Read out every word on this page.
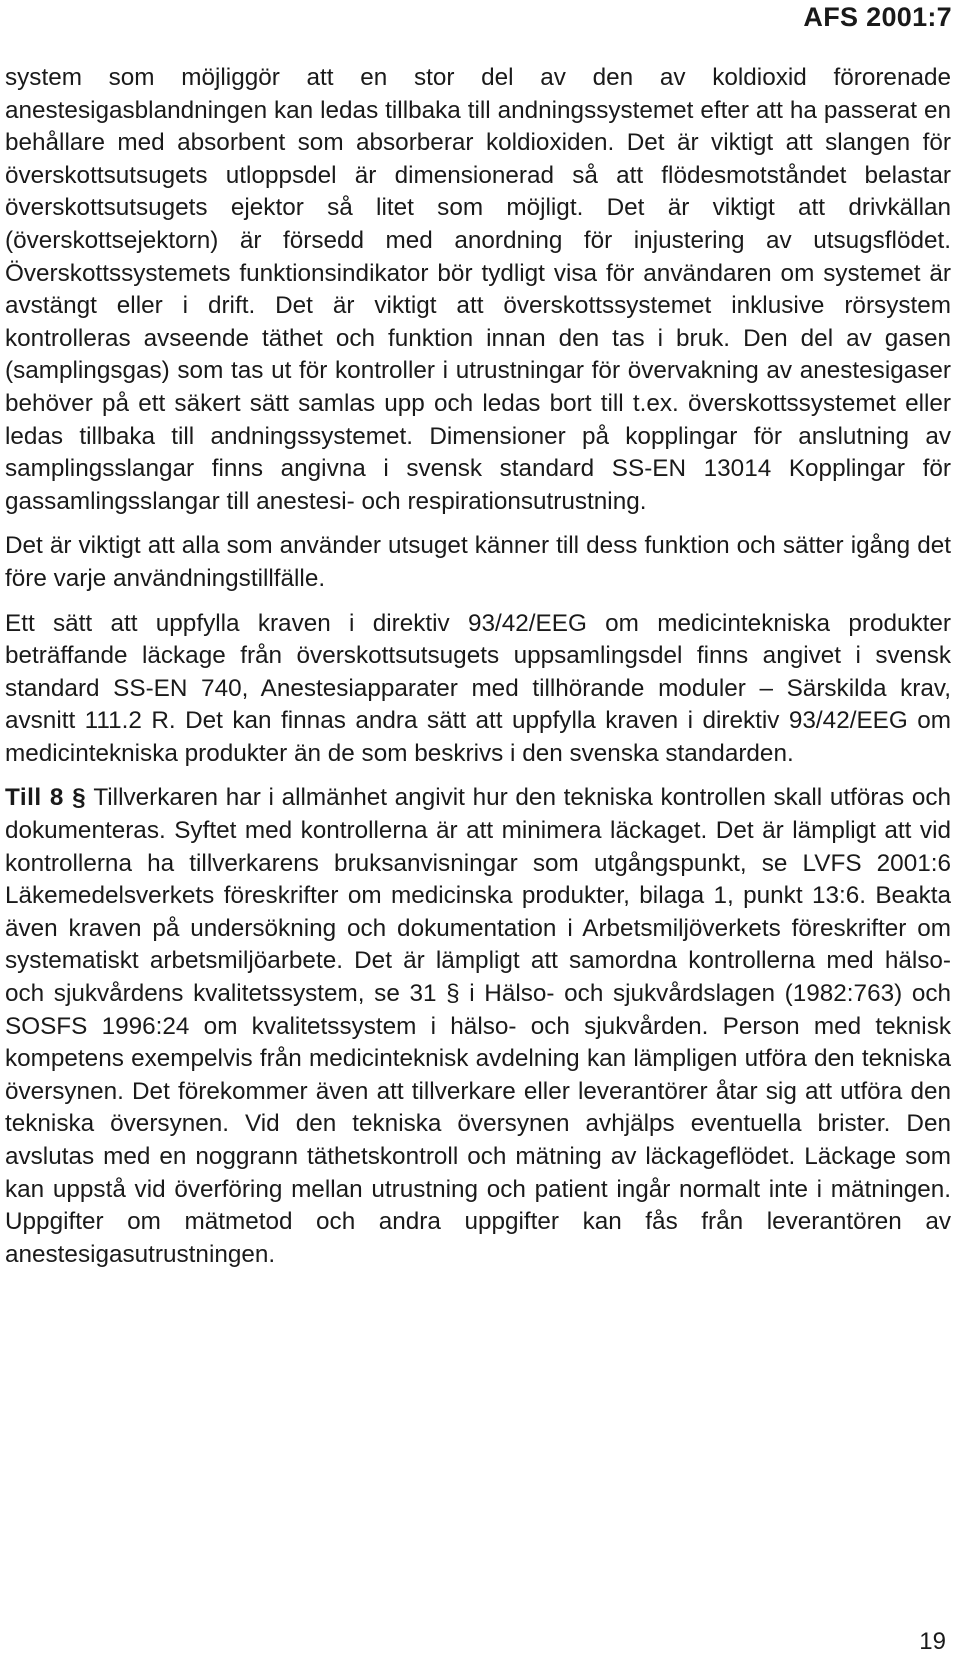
AFS 2001:7

system som möjliggör att en stor del av den av koldioxid förorenade anestesigasblandningen kan ledas tillbaka till andningssystemet efter att ha passerat en behållare med absorbent som absorberar koldioxiden. Det är viktigt att slangen för överskottsutsugets utloppsdel är dimensionerad så att flödesmotståndet belastar överskottsutsugets ejektor så litet som möjligt. Det är viktigt att drivkällan (överskottsejektorn) är försedd med anordning för injustering av utsugsflödet. Överskottssystemets funktionsindikator bör tydligt visa för användaren om systemet är avstängt eller i drift. Det är viktigt att överskottssystemet inklusive rörsystem kontrolleras avseende täthet och funktion innan den tas i bruk. Den del av gasen (samplingsgas) som tas ut för kontroller i utrustningar för övervakning av anestesigaser behöver på ett säkert sätt samlas upp och ledas bort till t.ex. överskottssystemet eller ledas tillbaka till andningssystemet. Dimensioner på kopplingar för anslutning av samplingsslangar finns angivna i svensk standard SS-EN 13014 Kopplingar för gassamlingsslangar till anestesi- och respirationsutrustning.

Det är viktigt att alla som använder utsuget känner till dess funktion och sätter igång det före varje användningstillfälle.

Ett sätt att uppfylla kraven i direktiv 93/42/EEG om medicintekniska produkter beträffande läckage från överskottsutsugets uppsamlingsdel finns angivet i svensk standard SS-EN 740, Anestesiapparater med tillhörande moduler – Särskilda krav, avsnitt 111.2 R. Det kan finnas andra sätt att uppfylla kraven i direktiv 93/42/EEG om medicintekniska produkter än de som beskrivs i den svenska standarden.

Till 8 § Tillverkaren har i allmänhet angivit hur den tekniska kontrollen skall utföras och dokumenteras. Syftet med kontrollerna är att minimera läckaget. Det är lämpligt att vid kontrollerna ha tillverkarens bruksanvisningar som utgångspunkt, se LVFS 2001:6 Läkemedelsverkets föreskrifter om medicinska produkter, bilaga 1, punkt 13:6. Beakta även kraven på undersökning och dokumentation i Arbetsmiljöverkets föreskrifter om systematiskt arbetsmiljöarbete. Det är lämpligt att samordna kontrollerna med hälso- och sjukvårdens kvalitetssystem, se 31 § i Hälso- och sjukvårdslagen (1982:763) och SOSFS 1996:24 om kvalitetssystem i hälso- och sjukvården. Person med teknisk kompetens exempelvis från medicinteknisk avdelning kan lämpligen utföra den tekniska översynen. Det förekommer även att tillverkare eller leverantörer åtar sig att utföra den tekniska översynen. Vid den tekniska översynen avhjälps eventuella brister. Den avslutas med en noggrann täthetskontroll och mätning av läckageflödet. Läckage som kan uppstå vid överföring mellan utrustning och patient ingår normalt inte i mätningen. Uppgifter om mätmetod och andra uppgifter kan fås från leverantören av anestesigasutrustningen.

19
